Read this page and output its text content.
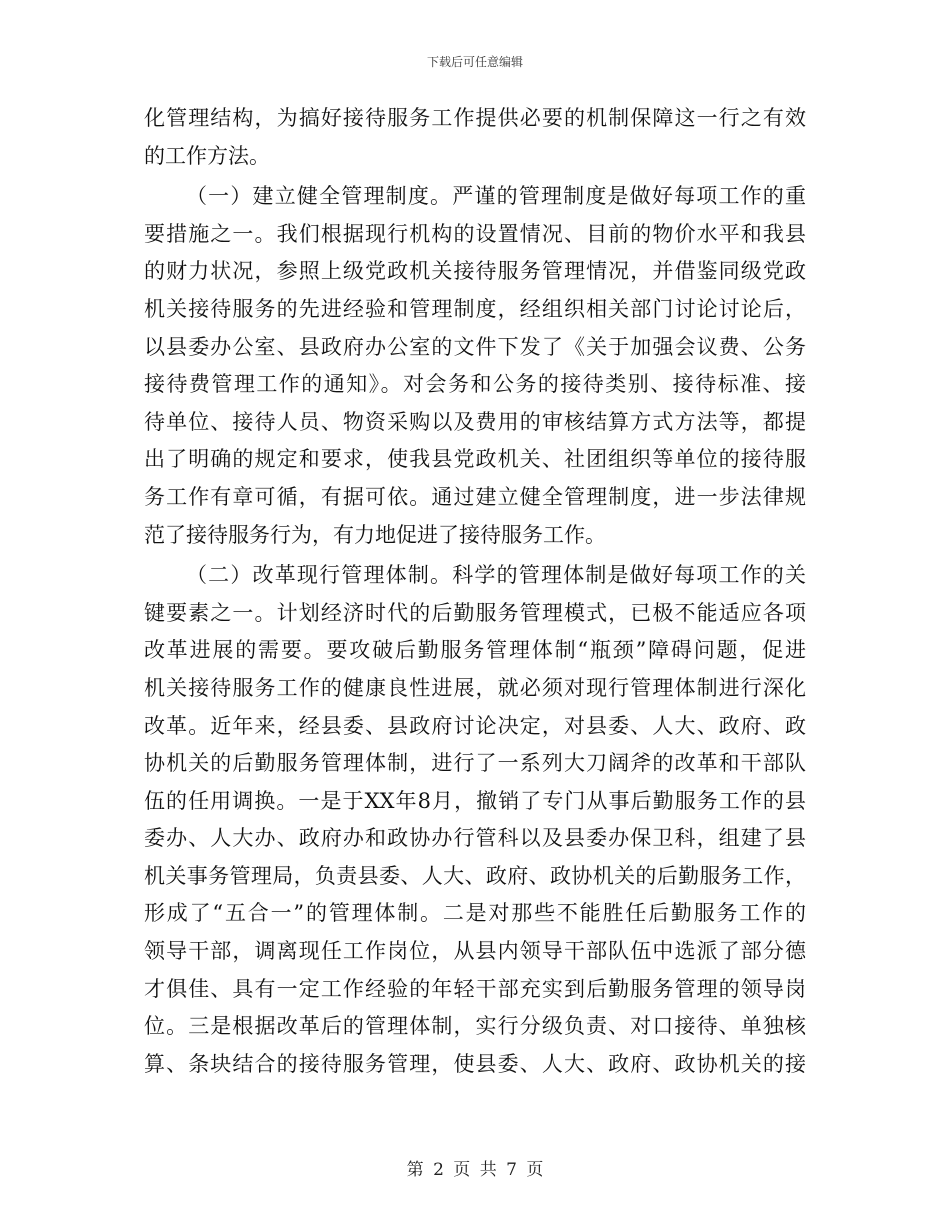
下载后可任意编辑
化管理结构，为搞好接待服务工作提供必要的机制保障这一行之有效
的工作方法。
（一）建立健全管理制度。严谨的管理制度是做好每项工作的重
要措施之一。我们根据现行机构的设置情况、目前的物价水平和我县
的财力状况，参照上级党政机关接待服务管理情况，并借鉴同级党政
机关接待服务的先进经验和管理制度，经组织相关部门讨论讨论后，
以县委办公室、县政府办公室的文件下发了《关于加强会议费、公务
接待费管理工作的通知》。对会务和公务的接待类别、接待标准、接
待单位、接待人员、物资采购以及费用的审核结算方式方法等，都提
出了明确的规定和要求，使我县党政机关、社团组织等单位的接待服
务工作有章可循，有据可依。通过建立健全管理制度，进一步法律规
范了接待服务行为，有力地促进了接待服务工作。
（二）改革现行管理体制。科学的管理体制是做好每项工作的关
键要素之一。计划经济时代的后勤服务管理模式，已极不能适应各项
改革进展的需要。要攻破后勤服务管理体制“瓶颈”障碍问题，促进
机关接待服务工作的健康良性进展，就必须对现行管理体制进行深化
改革。近年来，经县委、县政府讨论决定，对县委、人大、政府、政
协机关的后勤服务管理体制，进行了一系列大刀阔斧的改革和干部队
伍的任用调换。一是于XX年8月，撤销了专门从事后勤服务工作的县
委办、人大办、政府办和政协办行管科以及县委办保卫科，组建了县
机关事务管理局，负责县委、人大、政府、政协机关的后勤服务工作，
形成了“五合一”的管理体制。二是对那些不能胜任后勤服务工作的
领导干部，调离现任工作岗位，从县内领导干部队伍中选派了部分德
才俱佳、具有一定工作经验的年轻干部充实到后勤服务管理的领导岗
位。三是根据改革后的管理体制，实行分级负责、对口接待、单独核
算、条块结合的接待服务管理，使县委、人大、政府、政协机关的接
第 2 页 共 7 页
